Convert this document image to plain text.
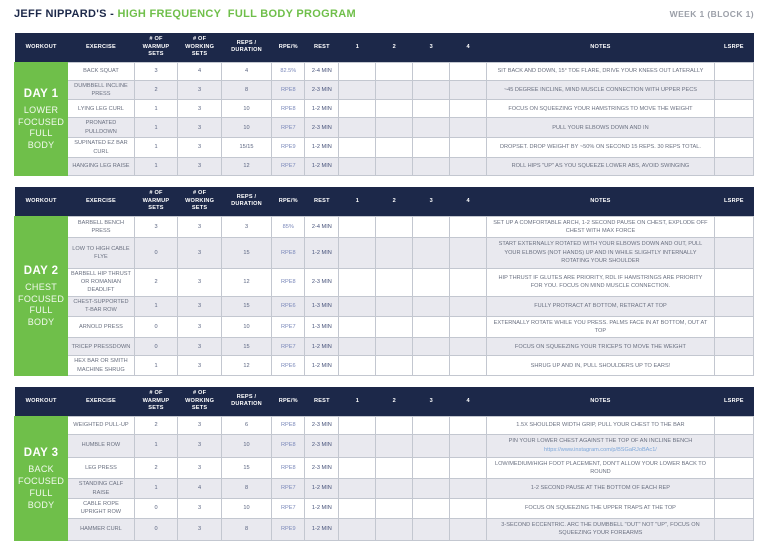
JEFF NIPPARD'S - HIGH FREQUENCY  FULL BODY PROGRAM	WEEK 1 (BLOCK 1)
WORKOUT	EXERCISE	# OF WARMUP SETS	# OF WORKING SETS	REPS / DURATION	RPE/%	REST	1	2	3	4	NOTES	LSRPE

DAY 1
LOWER FOCUSED FULL BODY	BACK SQUAT	3	4	4	82.5%	2-4 MIN					SIT BACK AND DOWN, 15° TOE FLARE, DRIVE YOUR KNEES OUT LATERALLY	

	DUMBBELL INCLINE PRESS	2	3	8	RPE8	2-3 MIN					~45 DEGREE INCLINE, MIND MUSCLE CONNECTION WITH UPPER PECS	

	LYING LEG CURL	1	3	10	RPE8	1-2 MIN					FOCUS ON SQUEEZING YOUR HAMSTRINGS TO MOVE THE WEIGHT	

	PRONATED PULLDOWN	1	3	10	RPE7	2-3 MIN					PULL YOUR ELBOWS DOWN AND IN	

	SUPINATED EZ BAR CURL	1	3	15/15	RPE9	1-2 MIN					DROPSET. DROP WEIGHT BY ~50% ON SECOND 15 REPS. 30 REPS TOTAL.	

	HANGING LEG RAISE	1	3	12	RPE7	1-2 MIN					ROLL HIPS "UP" AS YOU SQUEEZE LOWER ABS, AVOID SWINGING	

WORKOUT	EXERCISE	# OF WARMUP SETS	# OF WORKING SETS	REPS / DURATION	RPE/%	REST	1	2	3	4	NOTES	LSRPE

DAY 2
CHEST FOCUSED FULL BODY	BARBELL BENCH PRESS	3	3	3	85%	2-4 MIN					SET UP A COMFORTABLE ARCH, 1-2 SECOND PAUSE ON CHEST, EXPLODE OFF CHEST WITH MAX FORCE	

	LOW TO HIGH CABLE FLYE	0	3	15	RPE8	1-2 MIN					START EXTERNALLY ROTATED WITH YOUR ELBOWS DOWN AND OUT, PULL YOUR ELBOWS (NOT HANDS) UP AND IN WHILE SLIGHTLY INTERNALLY ROTATING YOUR SHOULDER	

	BARBELL HIP THRUST OR ROMANIAN DEADLIFT	2	3	12	RPE8	2-3 MIN					HIP THRUST IF GLUTES ARE PRIORITY, RDL IF HAMSTRINGS ARE PRIORITY FOR YOU. FOCUS ON MIND MUSCLE CONNECTION.	

	CHEST-SUPPORTED T-BAR ROW	1	3	15	RPE6	1-3 MIN					FULLY PROTRACT AT BOTTOM, RETRACT AT TOP	

	ARNOLD PRESS	0	3	10	RPE7	1-3 MIN					EXTERNALLY ROTATE WHILE YOU PRESS. PALMS FACE IN AT BOTTOM, OUT AT TOP	

	TRICEP PRESSDOWN	0	3	15	RPE7	1-2 MIN					FOCUS ON SQUEEZING YOUR TRICEPS TO MOVE THE WEIGHT	

	HEX BAR OR SMITH MACHINE SHRUG	1	3	12	RPE6	1-2 MIN					SHRUG UP AND IN, PULL SHOULDERS UP TO EARS!	

WORKOUT	EXERCISE	# OF WARMUP SETS	# OF WORKING SETS	REPS / DURATION	RPE/%	REST	1	2	3	4	NOTES	LSRPE

DAY 3
BACK FOCUSED FULL BODY	WEIGHTED PULL-UP	2	3	6	RPE8	2-3 MIN					1.5X SHOULDER WIDTH GRIP, PULL YOUR CHEST TO THE BAR	

	HUMBLE ROW	1	3	10	RPE8	2-3 MIN					PIN YOUR LOWER CHEST AGAINST THE TOP OF AN INCLINE BENCH
https://www.instagram.com/p/BSGaRJoBAc1/	

	LEG PRESS	2	3	15	RPE8	2-3 MIN					LOW/MEDIUM/HIGH FOOT PLACEMENT, DON'T ALLOW YOUR LOWER BACK TO ROUND	

	STANDING CALF RAISE	1	4	8	RPE7	1-2 MIN					1-2 SECOND PAUSE AT THE BOTTOM OF EACH REP	

	CABLE ROPE UPRIGHT ROW	0	3	10	RPE7	1-2 MIN					FOCUS ON SQUEEZING THE UPPER TRAPS AT THE TOP	

	HAMMER CURL	0	3	8	RPE9	1-2 MIN					3-SECOND ECCENTRIC. ARC THE DUMBBELL "OUT" NOT "UP", FOCUS ON SQUEEZING YOUR FOREARMS	
